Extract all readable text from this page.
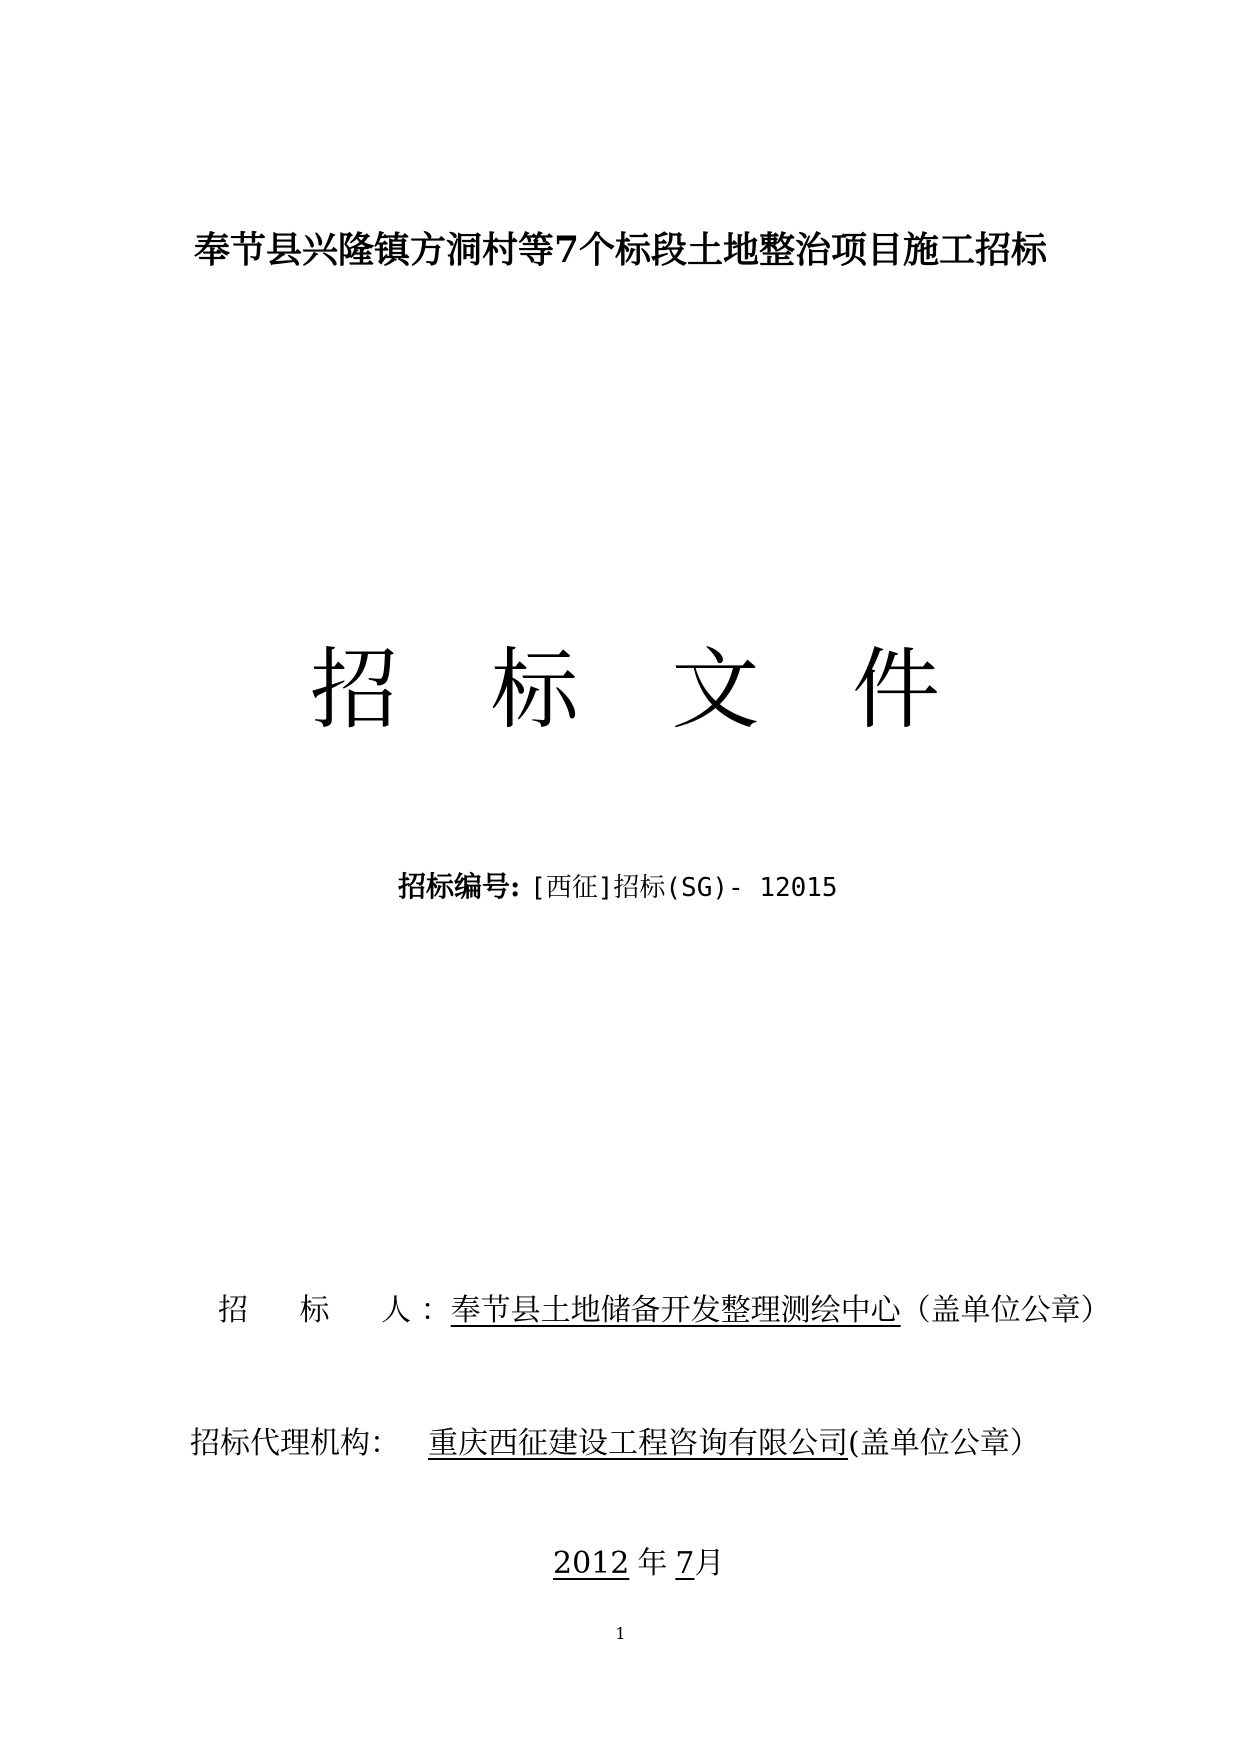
奉节县兴隆镇方洞村等7个标段土地整治项目施工招标
招 标 文 件
招标编号: [西征]招标(SG)- 12015
招 标 人 ：奉节县土地储备开发整理测绘中心（盖单位公章）
招标代理机构： 重庆西征建设工程咨询有限公司(盖单位公章）
2012 年 7月
1
